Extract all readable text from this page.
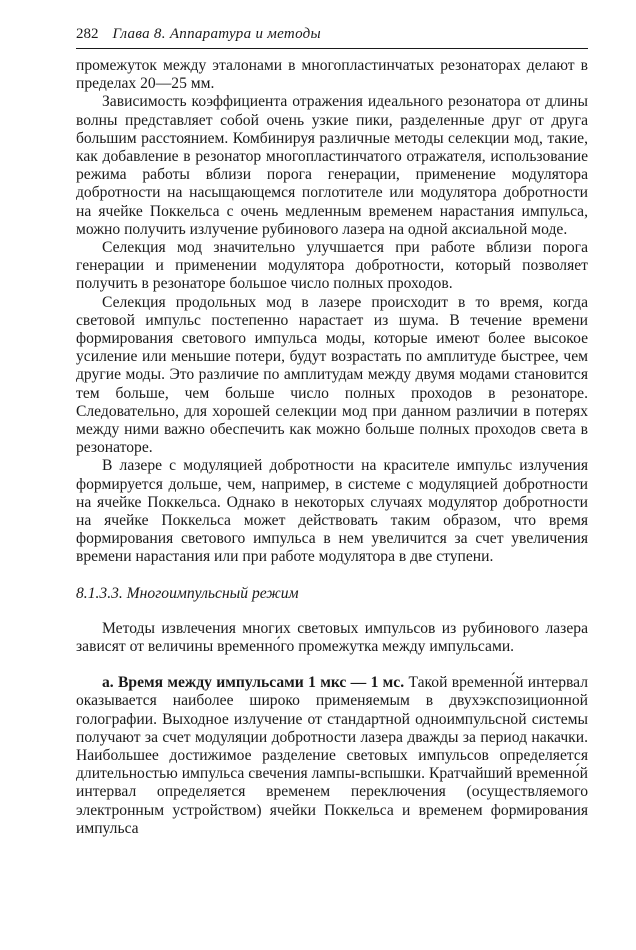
282 Глава 8. Аппаратура и методы

промежуток между эталонами в многопластинчатых резонаторах делают в пределах 20—25 мм.

Зависимость коэффициента отражения идеального резонатора от длины волны представляет собой очень узкие пики, разделенные друг от друга большим расстоянием. Комбинируя различные методы селекции мод, такие, как добавление в резонатор многопластинчатого отражателя, использование режима работы вблизи порога генерации, применение модулятора добротности на насыщающемся поглотителе или модулятора добротности на ячейке Поккельса с очень медленным временем нарастания импульса, можно получить излучение рубинового лазера на одной аксиальной моде.

Селекция мод значительно улучшается при работе вблизи порога генерации и применении модулятора добротности, который позволяет получить в резонаторе большое число полных проходов.

Селекция продольных мод в лазере происходит в то время, когда световой импульс постепенно нарастает из шума. В течение времени формирования светового импульса моды, которые имеют более высокое усиление или меньшие потери, будут возрастать по амплитуде быстрее, чем другие моды. Это различие по амплитудам между двумя модами становится тем больше, чем больше число полных проходов в резонаторе. Следовательно, для хорошей селекции мод при данном различии в потерях между ними важно обеспечить как можно больше полных проходов света в резонаторе.

В лазере с модуляцией добротности на красителе импульс излучения формируется дольше, чем, например, в системе с модуляцией добротности на ячейке Поккельса. Однако в некоторых случаях модулятор добротности на ячейке Поккельса может действовать таким образом, что время формирования светового импульса в нем увеличится за счет увеличения времени нарастания или при работе модулятора в две ступени.

8.1.3.3. Многоимпульсный режим

Методы извлечения многих световых импульсов из рубинового лазера зависят от величины временно́го промежутка между импульсами.

а. Время между импульсами 1 мкс — 1 мс. Такой временно́й интервал оказывается наиболее широко применяемым в двухэкспозиционной голографии. Выходное излучение от стандартной одноимпульсной системы получают за счет модуляции добротности лазера дважды за период накачки. Наибольшее достижимое разделение световых импульсов определяется длительностью импульса свечения лампы-вспышки. Кратчайший временно́й интервал определяется временем переключения (осуществляемого электронным устройством) ячейки Поккельса и временем формирования импульса
